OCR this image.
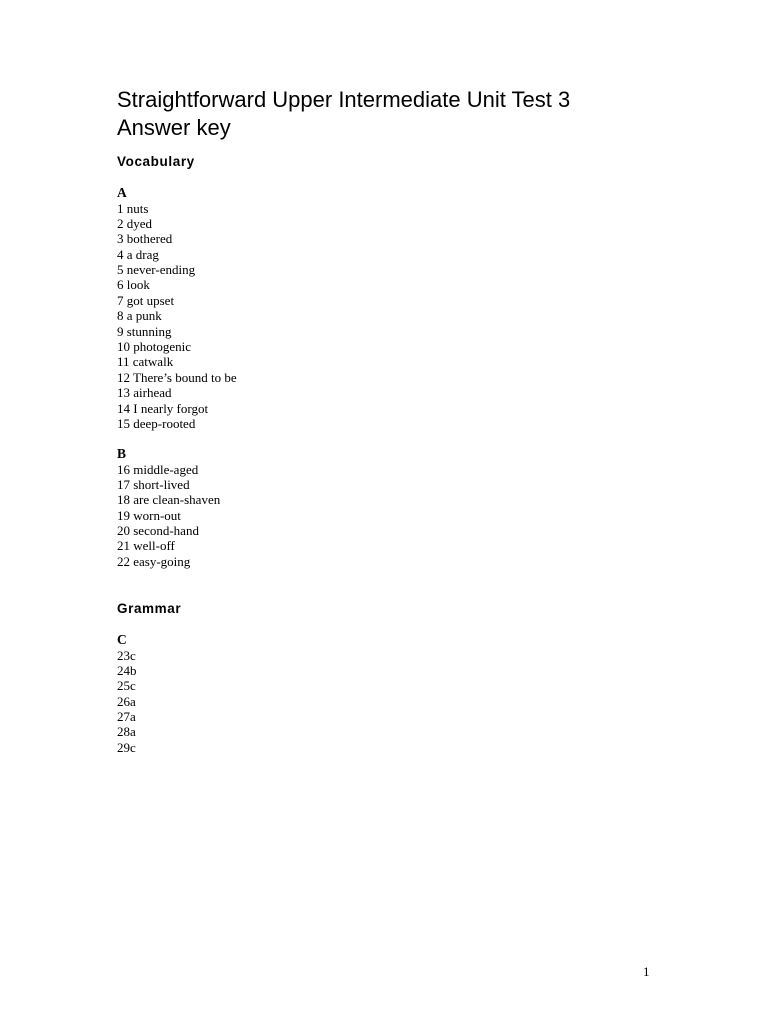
Straightforward Upper Intermediate Unit Test 3
Answer key
Vocabulary
A
1 nuts
2 dyed
3 bothered
4 a drag
5 never-ending
6 look
7 got upset
8 a punk
9 stunning
10 photogenic
11 catwalk
12 There’s bound to be
13 airhead
14 I nearly forgot
15 deep-rooted
B
16 middle-aged
17 short-lived
18 are clean-shaven
19 worn-out
20 second-hand
21 well-off
22 easy-going
Grammar
C
23c
24b
25c
26a
27a
28a
29c
1
